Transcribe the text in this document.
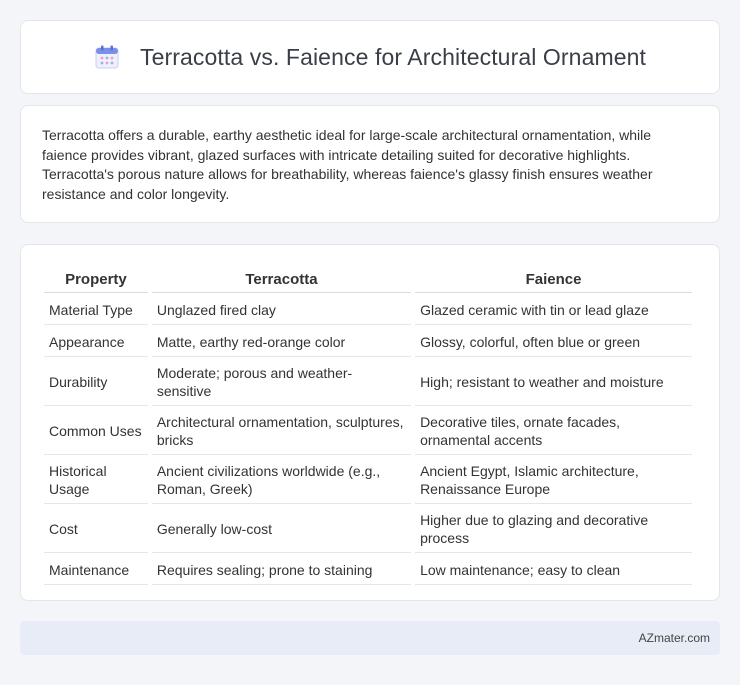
Terracotta vs. Faience for Architectural Ornament

Terracotta offers a durable, earthy aesthetic ideal for large-scale architectural ornamentation, while faience provides vibrant, glazed surfaces with intricate detailing suited for decorative highlights. Terracotta's porous nature allows for breathability, whereas faience's glassy finish ensures weather resistance and color longevity.

Property	Terracotta	Faience
Material Type	Unglazed fired clay	Glazed ceramic with tin or lead glaze
Appearance	Matte, earthy red-orange color	Glossy, colorful, often blue or green
Durability	Moderate; porous and weather-sensitive	High; resistant to weather and moisture
Common Uses	Architectural ornamentation, sculptures, bricks	Decorative tiles, ornate facades, ornamental accents
Historical Usage	Ancient civilizations worldwide (e.g., Roman, Greek)	Ancient Egypt, Islamic architecture, Renaissance Europe
Cost	Generally low-cost	Higher due to glazing and decorative process
Maintenance	Requires sealing; prone to staining	Low maintenance; easy to clean
AZmater.com
